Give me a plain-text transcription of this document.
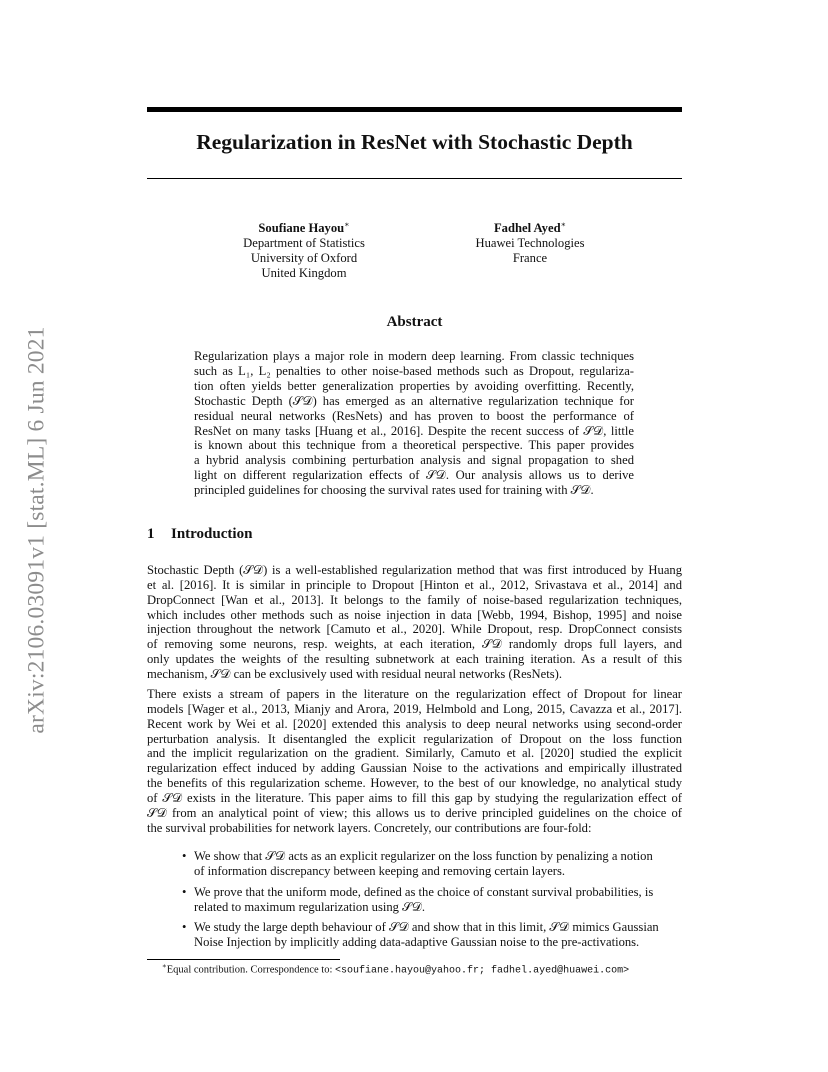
arXiv:2106.03091v1 [stat.ML] 6 Jun 2021
Regularization in ResNet with Stochastic Depth
Soufiane Hayou∗
Department of Statistics
University of Oxford
United Kingdom
Fadhel Ayed∗
Huawei Technologies
France
Abstract
Regularization plays a major role in modern deep learning. From classic techniques
such as L₁, L₂ penalties to other noise-based methods such as Dropout, regulariza-
tion often yields better generalization properties by avoiding overfitting. Recently,
Stochastic Depth (𝒮𝒟) has emerged as an alternative regularization technique for
residual neural networks (ResNets) and has proven to boost the performance of
ResNet on many tasks [Huang et al., 2016]. Despite the recent success of 𝒮𝒟, little
is known about this technique from a theoretical perspective. This paper provides
a hybrid analysis combining perturbation analysis and signal propagation to shed
light on different regularization effects of 𝒮𝒟. Our analysis allows us to derive
principled guidelines for choosing the survival rates used for training with 𝒮𝒟.
1 Introduction
Stochastic Depth (𝒮𝒟) is a well-established regularization method that was first introduced by Huang
et al. [2016]. It is similar in principle to Dropout [Hinton et al., 2012, Srivastava et al., 2014] and
DropConnect [Wan et al., 2013]. It belongs to the family of noise-based regularization techniques,
which includes other methods such as noise injection in data [Webb, 1994, Bishop, 1995] and noise
injection throughout the network [Camuto et al., 2020]. While Dropout, resp. DropConnect consists
of removing some neurons, resp. weights, at each iteration, 𝒮𝒟 randomly drops full layers, and
only updates the weights of the resulting subnetwork at each training iteration. As a result of this
mechanism, 𝒮𝒟 can be exclusively used with residual neural networks (ResNets).
There exists a stream of papers in the literature on the regularization effect of Dropout for linear
models [Wager et al., 2013, Mianjy and Arora, 2019, Helmbold and Long, 2015, Cavazza et al., 2017].
Recent work by Wei et al. [2020] extended this analysis to deep neural networks using second-order
perturbation analysis. It disentangled the explicit regularization of Dropout on the loss function
and the implicit regularization on the gradient. Similarly, Camuto et al. [2020] studied the explicit
regularization effect induced by adding Gaussian Noise to the activations and empirically illustrated
the benefits of this regularization scheme. However, to the best of our knowledge, no analytical study
of 𝒮𝒟 exists in the literature. This paper aims to fill this gap by studying the regularization effect of
𝒮𝒟 from an analytical point of view; this allows us to derive principled guidelines on the choice of
the survival probabilities for network layers. Concretely, our contributions are four-fold:
• We show that 𝒮𝒟 acts as an explicit regularizer on the loss function by penalizing a notion
of information discrepancy between keeping and removing certain layers.
• We prove that the uniform mode, defined as the choice of constant survival probabilities, is
related to maximum regularization using 𝒮𝒟.
• We study the large depth behaviour of 𝒮𝒟 and show that in this limit, 𝒮𝒟 mimics Gaussian
Noise Injection by implicitly adding data-adaptive Gaussian noise to the pre-activations.
∗Equal contribution. Correspondence to: <soufiane.hayou@yahoo.fr; fadhel.ayed@huawei.com>
